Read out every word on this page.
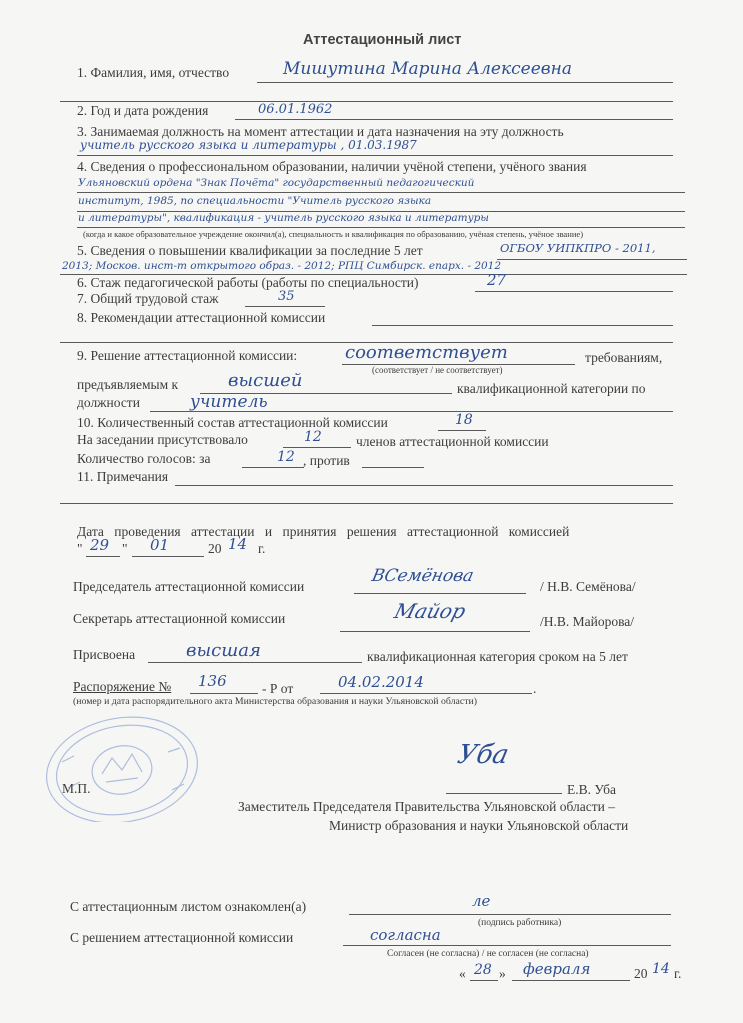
Аттестационный лист
1. Фамилия, имя, отчество	Мишутина Марина Алексеевна
2. Год и дата рождения	06.01.1962
3. Занимаемая должность на момент аттестации и дата назначения на эту должность
учитель русского языка и литературы , 01.03.1987
4. Сведения о профессиональном образовании, наличии учёной степени, учёного звания
Ульяновский ордена "Знак Почёта" государственный педагогический
институт, 1985, по специальности "Учитель русского языка
и литературы", квалификация - учитель русского языка и литературы
(когда и какое образовательное учреждение окончил(а), специальность и квалификация по образованию, учёная степень, учёное звание)
5. Сведения о повышении квалификации за последние 5 лет	ОГБОУ УИПКПРО - 2011,
2013; Москов. инст-т открытого образ. - 2012; РПЦ Симбирск. епарх. - 2012
6. Стаж педагогической работы (работы по специальности)	27
7. Общий трудовой стаж	35
8. Рекомендации аттестационной комиссии
9. Решение аттестационной комиссии:	соответствует	требованиям,
(соответствует / не соответствует)
предъявляемым к	высшей	квалификационной категории по
должности	учитель
10. Количественный состав аттестационной комиссии	18
На заседании присутствовало	12	членов аттестационной комиссии
Количество голосов: за	12 , против
11. Примечания
Дата проведения аттестации и принятия решения аттестационной комиссией
" 29 " 01	20 14 г.
Председатель аттестационной комиссии
ВСемёнова
/ Н.В. Семёнова/
Секретарь аттестационной комиссии	Майор	/Н.В. Майорова/
Присвоена	высшая	квалификационная категория сроком на 5 лет
Распоряжение № 136	- Р от	04.02.2014	.
(номер и дата распорядительного акта Министерства образования и науки Ульяновской области)
М.П.
Уба
Е.В. Уба
Заместитель Председателя Правительства Ульяновской области –
Министр образования и науки Ульяновской области
С аттестационным листом ознакомлен(а)	ле
(подпись работника)
С решением аттестационной комиссии	согласна
Согласен (не согласна) / не согласен (не согласна)
« 28 » февраля	20 14 г.
